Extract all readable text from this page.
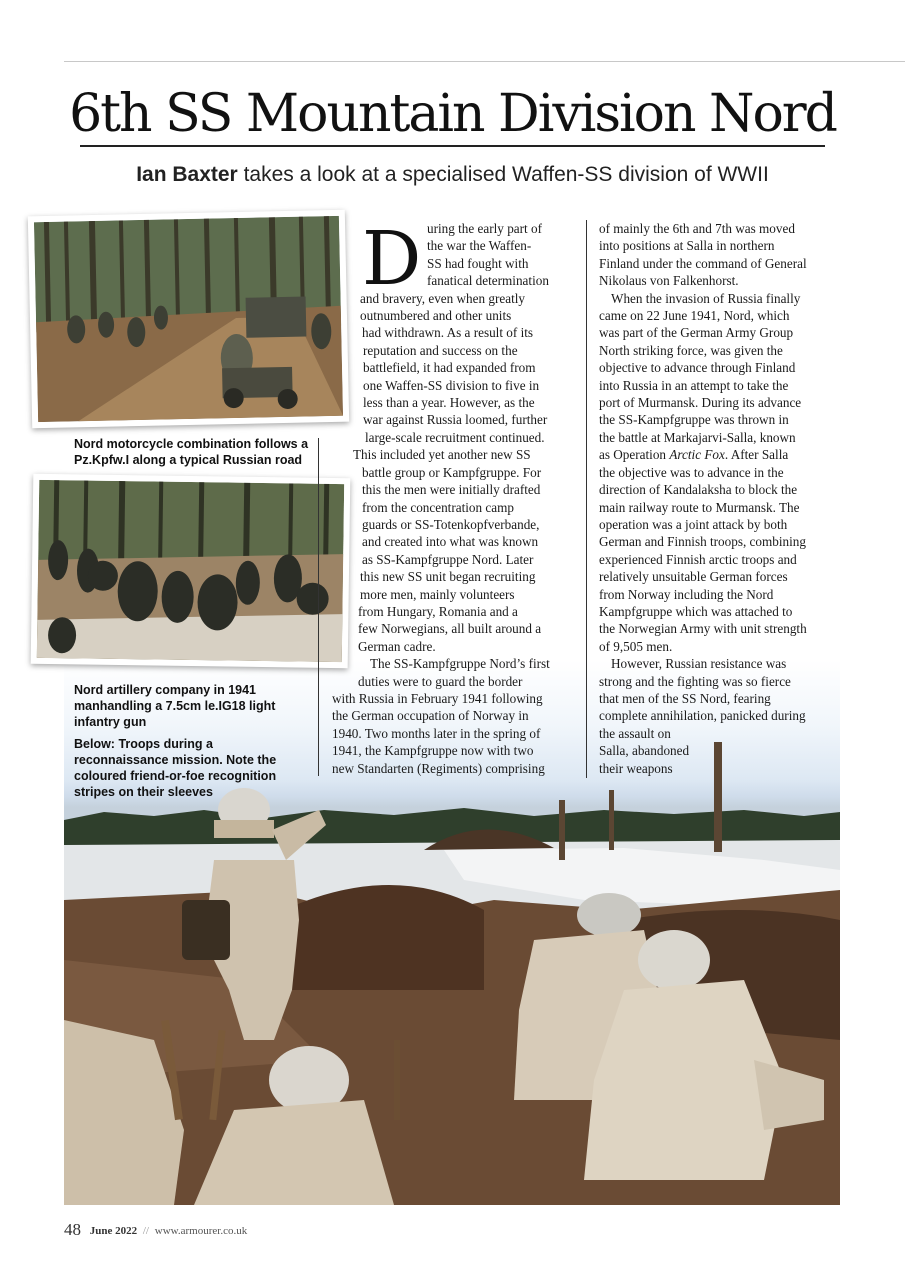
6th SS Mountain Division Nord
Ian Baxter takes a look at a specialised Waffen-SS division of WWII
Nord motorcycle combination follows a Pz.Kpfw.I along a typical Russian road
Nord artillery company in 1941 manhandling a 7.5cm le.IG18 light infantry gun
Below: Troops during a reconnaissance mission. Note the coloured friend-or-foe recognition stripes on their sleeves
D uring the early part of
the war the Waffen-
SS had fought with
fanatical determination
and bravery, even when greatly
outnumbered and other units
had withdrawn. As a result of its
reputation and success on the
battlefield, it had expanded from
one Waffen-SS division to five in
less than a year. However, as the
war against Russia loomed, further
large-scale recruitment continued.
This included yet another new SS
battle group or Kampfgruppe. For
this the men were initially drafted
from the concentration camp
guards or SS-Totenkopfverbande,
and created into what was known
as SS-Kampfgruppe Nord. Later
this new SS unit began recruiting
more men, mainly volunteers
from Hungary, Romania and a
few Norwegians, all built around a
German cadre.
The SS-Kampfgruppe Nord’s first
duties were to guard the border
with Russia in February 1941 following
the German occupation of Norway in
1940. Two months later in the spring of
1941, the Kampfgruppe now with two
new Standarten (Regiments) comprising
of mainly the 6th and 7th was moved
into positions at Salla in northern
Finland under the command of General
Nikolaus von Falkenhorst.
When the invasion of Russia finally
came on 22 June 1941, Nord, which
was part of the German Army Group
North striking force, was given the
objective to advance through Finland
into Russia in an attempt to take the
port of Murmansk. During its advance
the SS-Kampfgruppe was thrown in
the battle at Markajarvi-Salla, known
as Operation Arctic Fox. After Salla
the objective was to advance in the
direction of Kandalaksha to block the
main railway route to Murmansk. The
operation was a joint attack by both
German and Finnish troops, combining
experienced Finnish arctic troops and
relatively unsuitable German forces
from Norway including the Nord
Kampfgruppe which was attached to
the Norwegian Army with unit strength
of 9,505 men.
However, Russian resistance was
strong and the fighting was so fierce
that men of the SS Nord, fearing
complete annihilation, panicked during
the assault on
Salla, abandoned
their weapons
48 June 2022 // www.armourer.co.uk
